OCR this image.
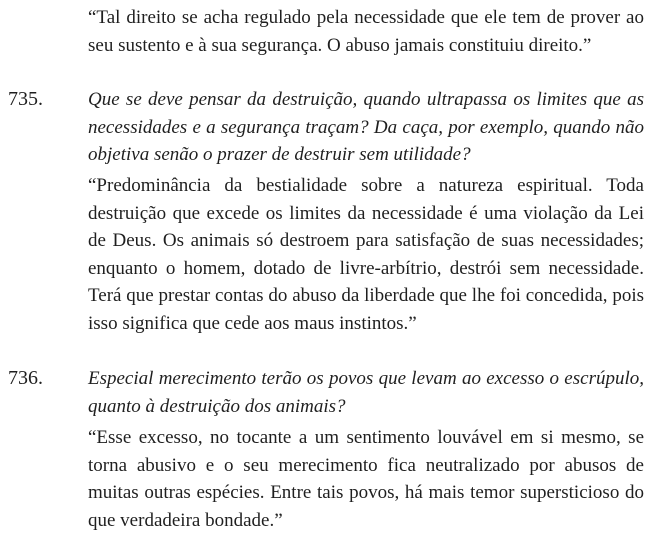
“Tal direito se acha regulado pela necessidade que ele tem de prover ao seu sustento e à sua segurança. O abuso jamais constituiu direito.”

735. Que se deve pensar da destruição, quando ultrapassa os limites que as necessidades e a segurança traçam? Da caça, por exemplo, quando não objetiva senão o prazer de destruir sem utilidade?

“Predominância da bestialidade sobre a natureza espiritual. Toda destruição que excede os limites da necessidade é uma violação da Lei de Deus. Os animais só destroem para satisfação de suas necessidades; enquanto o homem, dotado de livre-arbítrio, destrói sem necessidade. Terá que prestar contas do abuso da liberdade que lhe foi concedida, pois isso significa que cede aos maus instintos.”

736. Especial merecimento terão os povos que levam ao excesso o escrúpulo, quanto à destruição dos animais?

“Esse excesso, no tocante a um sentimento louvável em si mesmo, se torna abusivo e o seu merecimento fica neutralizado por abusos de muitas outras espécies. Entre tais povos, há mais temor supersticioso do que verdadeira bondade.”
